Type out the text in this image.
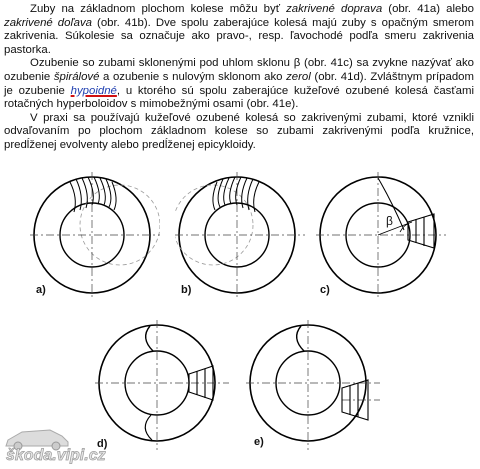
Zuby na základnom plochom kolese môžu byť zakrivené doprava (obr. 41a) alebo zakrivené doľava (obr. 41b). Dve spolu zaberajúce kolesá majú zuby s opačným smerom zakrivenia. Súkolesie sa označuje ako pravo-, resp. ľavochodé podľa smeru zakrivenia pastorka.

Ozubenie so zubami sklonenými pod uhlom sklonu β (obr. 41c) sa zvykne nazývať ako ozubenie špirálové a ozubenie s nulovým sklonom ako zerol (obr. 41d). Zvláštnym prípadom je ozubenie hypoidné, u ktorého sú spolu zaberajúce kužeľové ozubené kolesá časťami rotačných hyperboloidov s mimobežnými osami (obr. 41e).

V praxi sa používajú kužeľové ozubené kolesá so zakrivenými zubami, ktoré vznikli odvaľovaním po plochom základnom kolese so zubami zakrivenými podľa kružnice, predĺženej evolventy alebo predĺženej epicykloidy.

a)	b)
β
c)
d)	e)
škoda.vipi.cz
